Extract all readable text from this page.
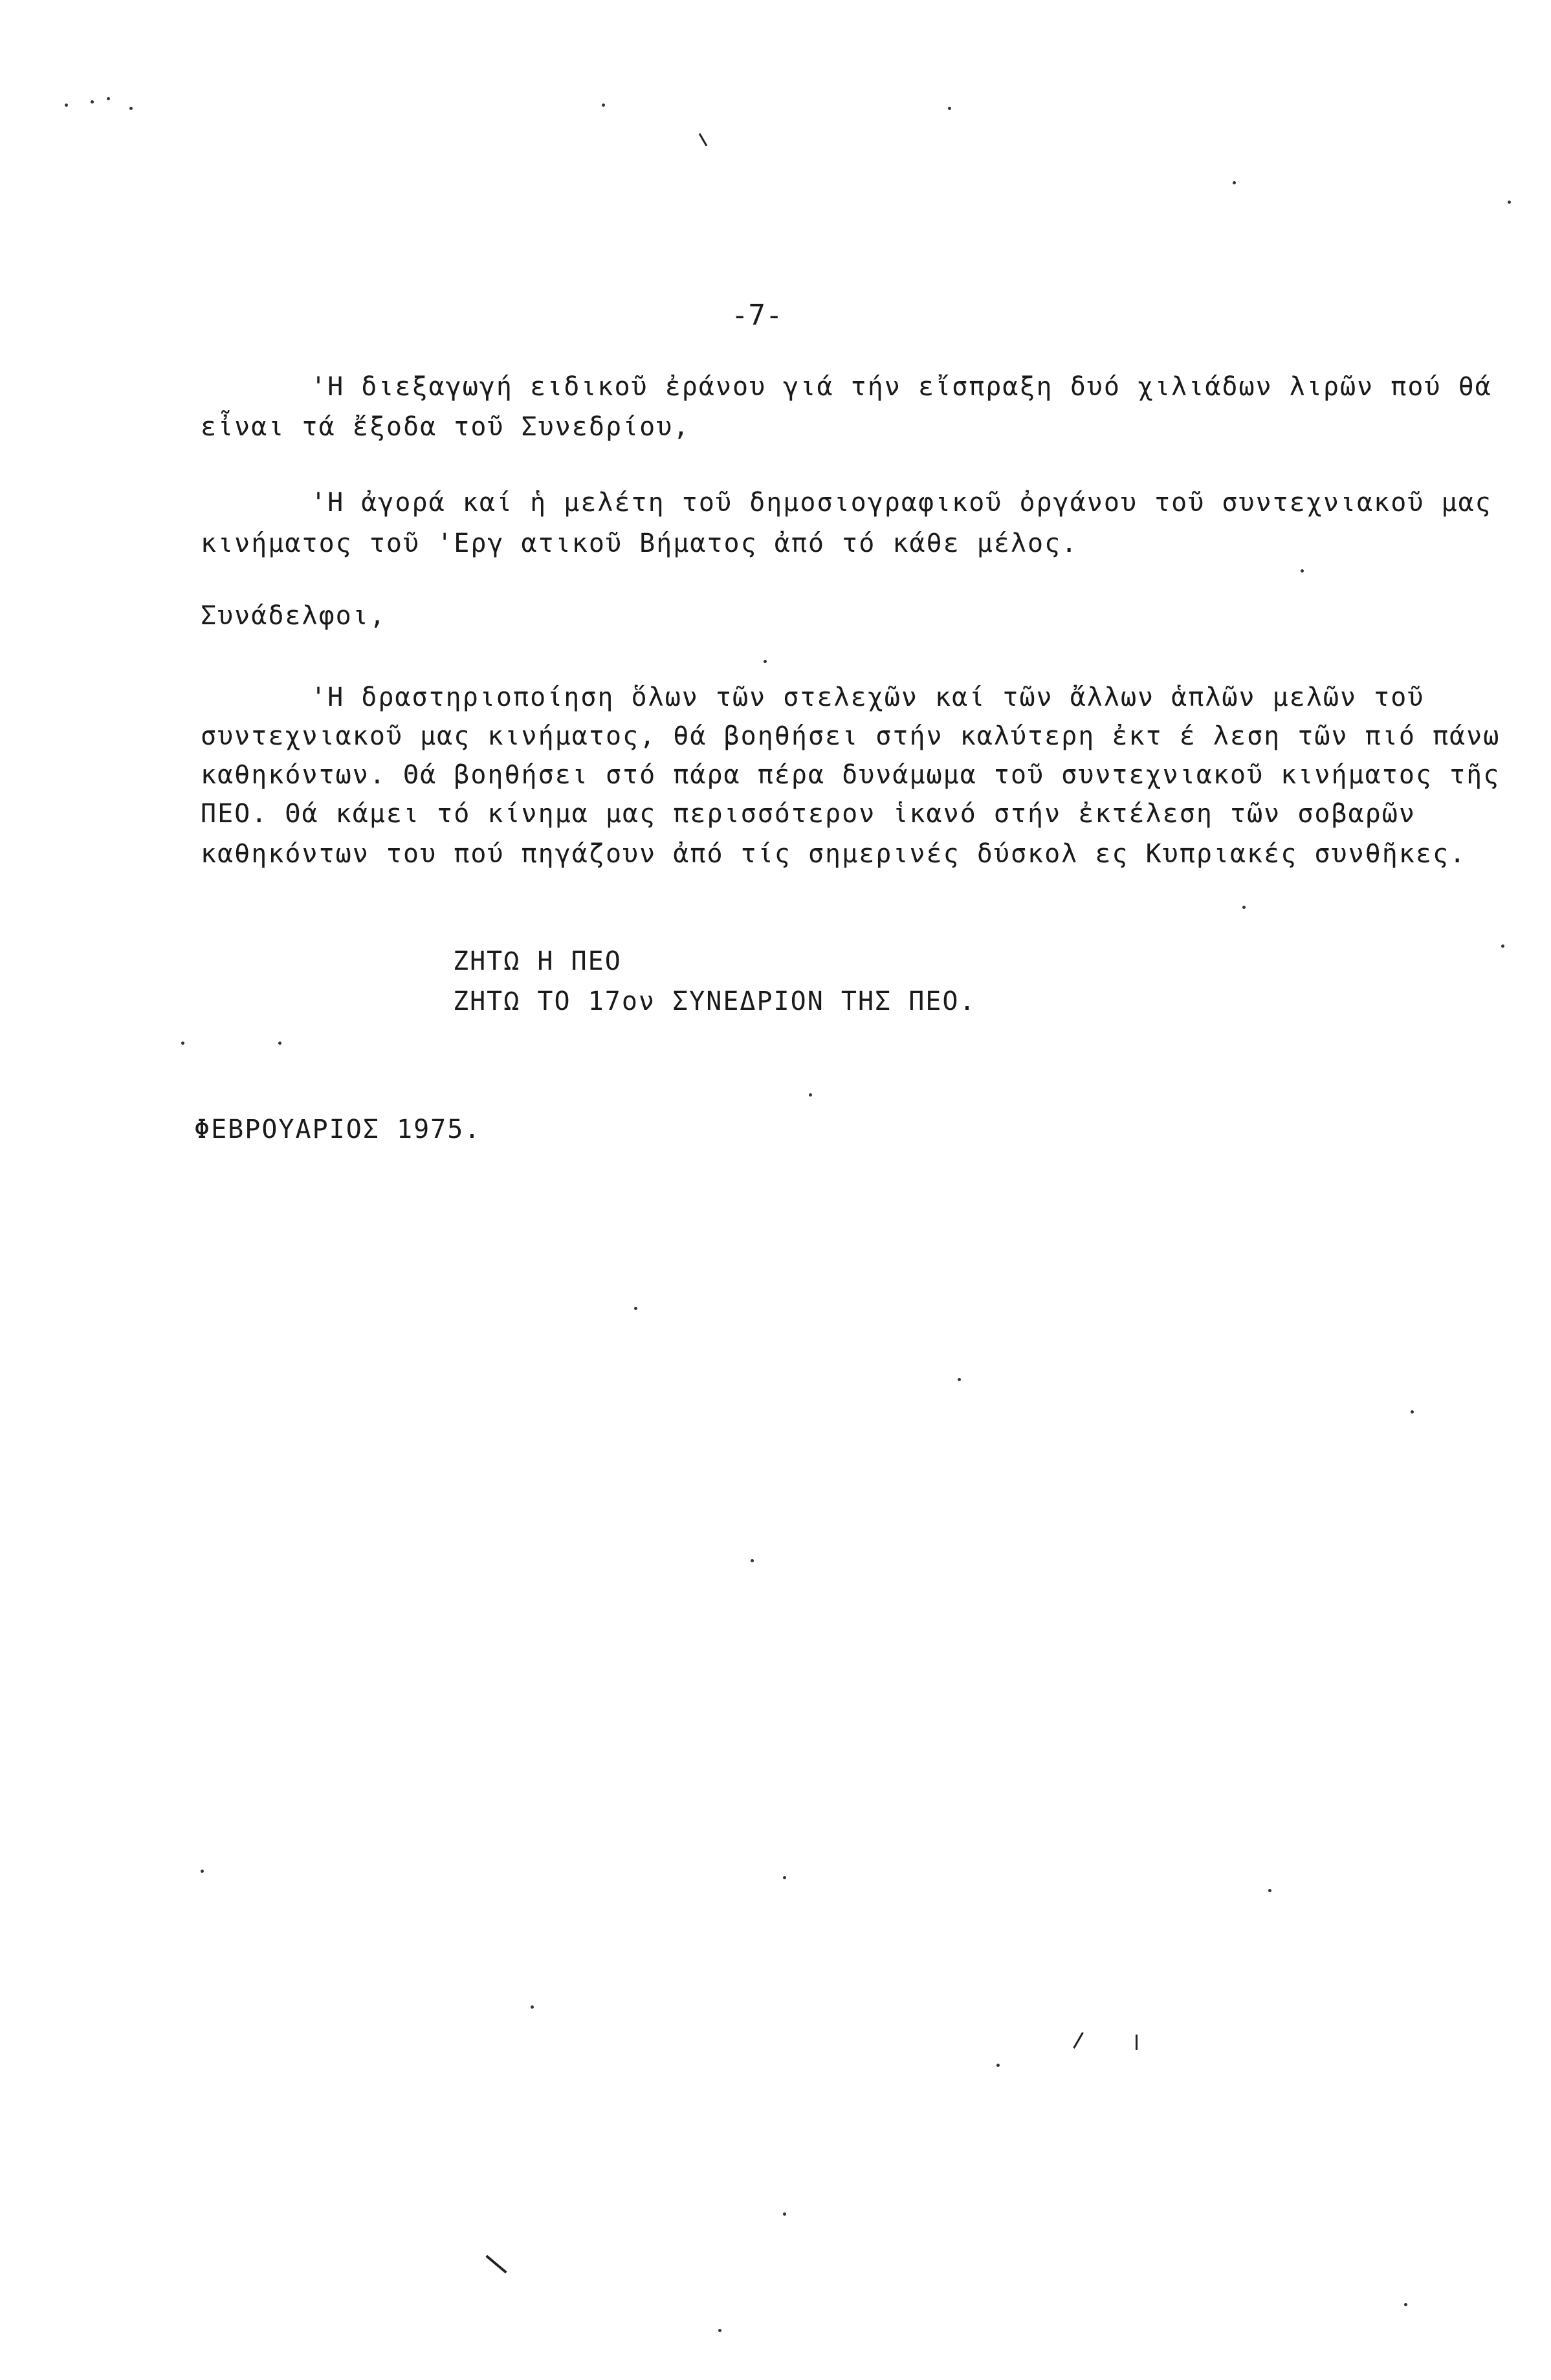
-7-
'Η διεξαγωγή ειδικοῦ ἐράνου γιά τήν εἴσπραξη δυό χιλιάδων λιρῶν πού θά
εἶναι τά ἔξοδα τοῦ Συνεδρίου,
'Η ἀγορά καί ἡ μελέτη τοῦ δημοσιογραφικοῦ ὀργάνου τοῦ συντεχνιακοῦ μας
κινήματος τοῦ 'Εργ ατικοῦ Βήματος ἀπό τό κάθε μέλος.
Συνάδελφοι,
'Η δραστηριοποίηση ὅλων τῶν στελεχῶν καί τῶν ἄλλων ἁπλῶν μελῶν τοῦ
συντεχνιακοῦ μας κινήματος, θά βοηθήσει στήν καλύτερη ἐκτ έ λεση τῶν πιό πάνω
καθηκόντων. Θά βοηθήσει στό πάρα πέρα δυνάμωμα τοῦ συντεχνιακοῦ κινήματος τῆς
ΠΕΟ. Θά κάμει τό κίνημα μας περισσότερον ἱκανό στήν ἐκτέλεση τῶν σοβαρῶν
καθηκόντων του πού πηγάζουν ἀπό τίς σημερινές δύσκολ ες Κυπριακές συνθῆκες.
ΖΗΤΩ Η ΠΕΟ
ΖΗΤΩ ΤΟ 17ον ΣΥΝΕΔΡΙΟΝ ΤΗΣ ΠΕΟ.
ΦΕΒΡΟΥΑΡΙΟΣ 1975.
